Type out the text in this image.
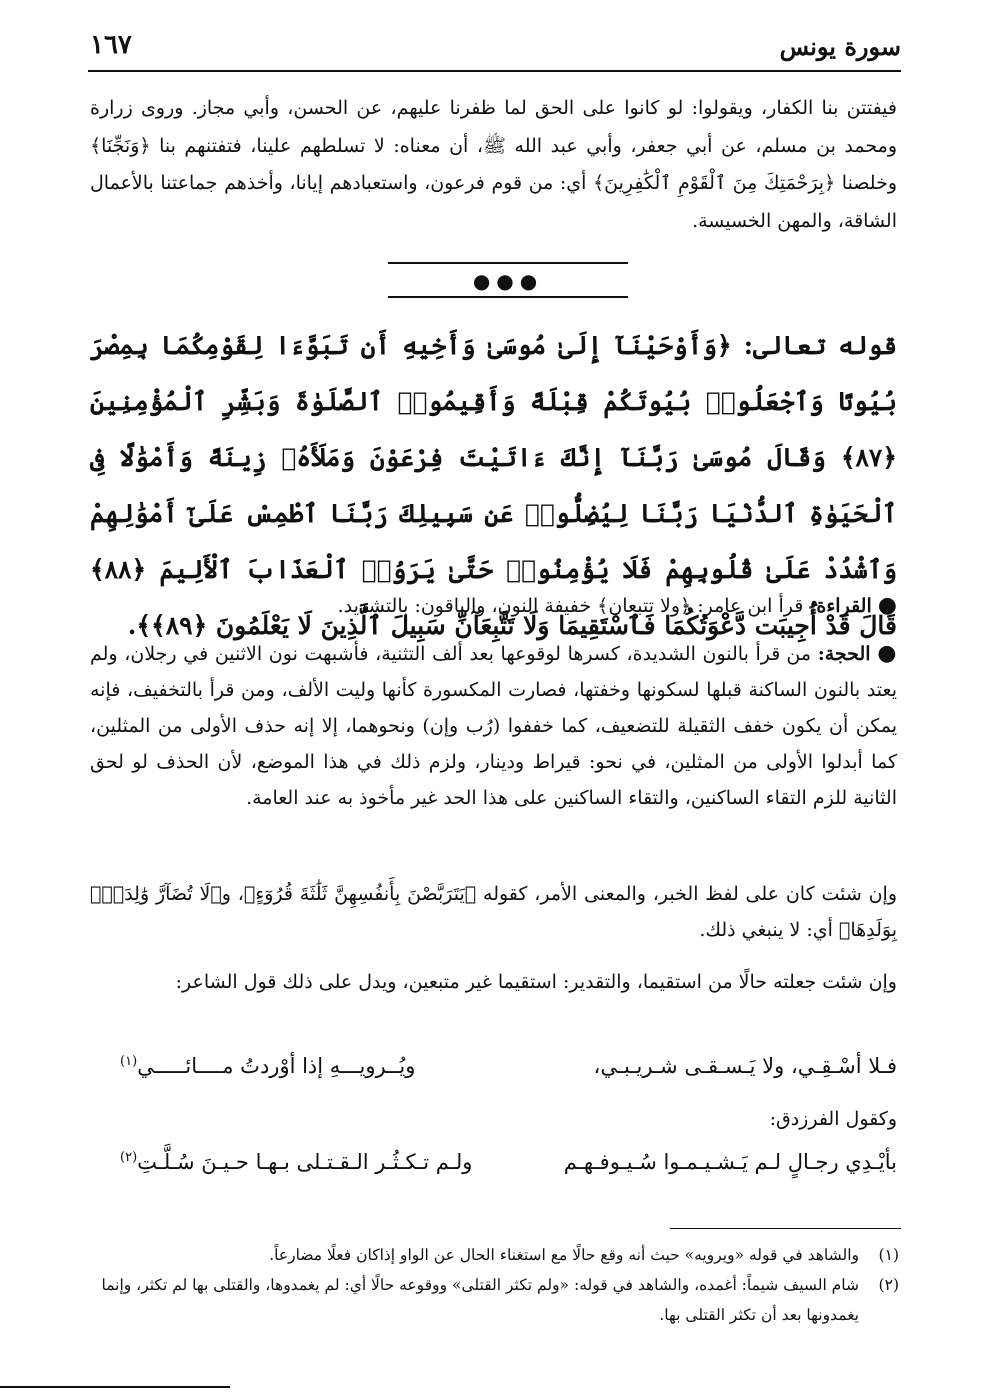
١٦٧	سورة يونس

فيفتتن بنا الكفار، ويقولوا: لو كانوا على الحق لما ظفرنا عليهم، عن الحسن، وأبي مجاز. وروى زرارة ومحمد بن مسلم، عن أبي جعفر، وأبي عبد الله ﷺ، أن معناه: لا تسلطهم علينا، فتفتنهم بنا ﴿وَنَجِّنَا﴾ وخلصنا ﴿بِرَحْمَتِكَ مِنَ ٱلْقَوْمِ ٱلْكَٰفِرِينَ﴾ أي: من قوم فرعون، واستعبادهم إيانا، وأخذهم جماعتنا بالأعمال الشاقة، والمهن الخسيسة.

●●●

قوله تعالى: ﴿وَأَوْحَيْنَآ إِلَىٰ مُوسَىٰ وَأَخِيهِ أَن تَبَوَّءَا لِقَوْمِكُمَا بِمِصْرَ بُيُوتًا وَٱجْعَلُوا۟ بُيُوتَكُمْ قِبْلَةً وَأَقِيمُوا۟ ٱلصَّلَوٰةَ وَبَشِّرِ ٱلْمُؤْمِنِينَ ﴿٨٧﴾ وَقَالَ مُوسَىٰ رَبَّنَآ إِنَّكَ ءَاتَيْتَ فِرْعَوْنَ وَمَلَأَهُۥ زِينَةً وَأَمْوَٰلًا فِى ٱلْحَيَوٰةِ ٱلدُّنْيَا رَبَّنَا لِيُضِلُّوا۟ عَن سَبِيلِكَ رَبَّنَا ٱطْمِسْ عَلَىٰٓ أَمْوَٰلِهِمْ وَٱشْدُدْ عَلَىٰ قُلُوبِهِمْ فَلَا يُؤْمِنُوا۟ حَتَّىٰ يَرَوُا۟ ٱلْعَذَابَ ٱلْأَلِيمَ ﴿٨٨﴾ قَالَ قَدْ أُجِيبَت دَّعْوَتُكُمَا فَٱسْتَقِيمَا وَلَا تَتَّبِعَآنِّ سَبِيلَ ٱلَّذِينَ لَا يَعْلَمُونَ ﴿٨٩﴾﴾.

● القراءة: قرأ ابن عامر: ﴿ولا تتبعان﴾ خفيفة النون، والباقون: بالتشديد.

● الحجة: من قرأ بالنون الشديدة، كسرها لوقوعها بعد ألف التثنية، فأشبهت نون الاثنين في رجلان، ولم يعتد بالنون الساكنة قبلها لسكونها وخفتها، فصارت المكسورة كأنها وليت الألف، ومن قرأ بالتخفيف، فإنه يمكن أن يكون خفف الثقيلة للتضعيف، كما خففوا (رُب وإن) ونحوهما، إلا إنه حذف الأولى من المثلين، كما أبدلوا الأولى من المثلين، في نحو: قيراط ودينار، ولزم ذلك في هذا الموضع، لأن الحذف لو لحق الثانية للزم التقاء الساكنين، والتقاء الساكنين على هذا الحد غير مأخوذ به عند العامة.

وإن شئت كان على لفظ الخبر، والمعنى الأمر، كقوله ﴿يَتَرَبَّصْنَ بِأَنفُسِهِنَّ ثَلَٰثَةَ قُرُوٓءٍ﴾، و﴿لَا تُضَآرَّ وَٰلِدَةٌۢ بِوَلَدِهَا﴾ أي: لا ينبغي ذلك.

وإن شئت جعلته حالًا من استقيما، والتقدير: استقيما غير متبعين، ويدل على ذلك قول الشاعر:

فـلا أسْـقِـي، ولا يَـسـقـى شـريـبـي،
ويُــرويـــهِ إذا أوْردتُ مــــائـــــي$^{(١)}$
وكقول الفرزدق:
بأيْـدِي رجـالٍ لـم يَـشـيـمـوا سُـيـوفـهـم
ولـم تـكـثُـر الـقـتـلى بـهـا حـيـنَ سُـلَّـتِ$^{(٢)}$

(١)
والشاهد في قوله «ويرويه» حيث أنه وقع حالًا مع استغناء الحال عن الواو إذاكان فعلًا مضارعاً.

(٢)
شام السيف شيماً: أغمده، والشاهد في قوله: «ولم تكثر القتلى» ووقوعه حالًا أي: لم يغمدوها، والقتلى بها لم تكثر، وإنما يغمدونها بعد أن تكثر القتلى بها.
